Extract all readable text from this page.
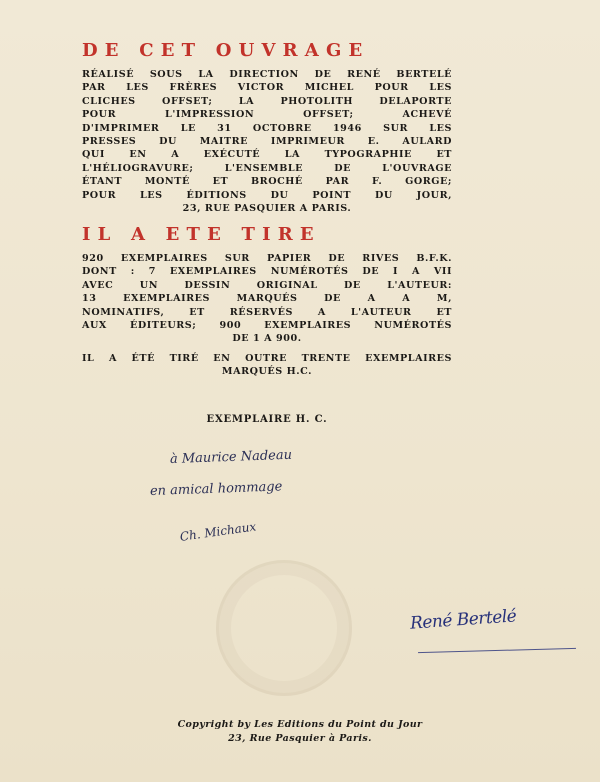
DE CET OUVRAGE
RÉALISÉ SOUS LA DIRECTION DE RENÉ BERTELÉ
PAR LES FRÈRES VICTOR MICHEL POUR LES
CLICHES OFFSET; LA PHOTOLITH DELAPORTE
POUR L'IMPRESSION OFFSET; ACHEVÉ
D'IMPRIMER LE 31 OCTOBRE 1946 SUR LES
PRESSES DU MAITRE IMPRIMEUR E. AULARD
QUI EN A EXÉCUTÉ LA TYPOGRAPHIE ET
L'HÉLIOGRAVURE; L'ENSEMBLE DE L'OUVRAGE
ÉTANT MONTÉ ET BROCHÉ PAR F. GORGE;
POUR LES ÉDITIONS DU POINT DU JOUR,
23, RUE PASQUIER A PARIS.
IL A ETE TIRE
920 EXEMPLAIRES SUR PAPIER DE RIVES B.F.K.
DONT : 7 EXEMPLAIRES NUMÉROTÉS DE I A VII
AVEC UN DESSIN ORIGINAL DE L'AUTEUR:
13 EXEMPLAIRES MARQUÉS DE A A M,
NOMINATIFS, ET RÉSERVÉS A L'AUTEUR ET
AUX ÉDITEURS; 900 EXEMPLAIRES NUMÉROTÉS
DE 1 A 900.
IL A ÉTÉ TIRÉ EN OUTRE TRENTE EXEMPLAIRES
MARQUÉS H.C.
EXEMPLAIRE H. C.
à Maurice Nadeau
en amical hommage
Ch. Michaux
René Bertelé
Copyright by Les Editions du Point du Jour
23, Rue Pasquier à Paris.
